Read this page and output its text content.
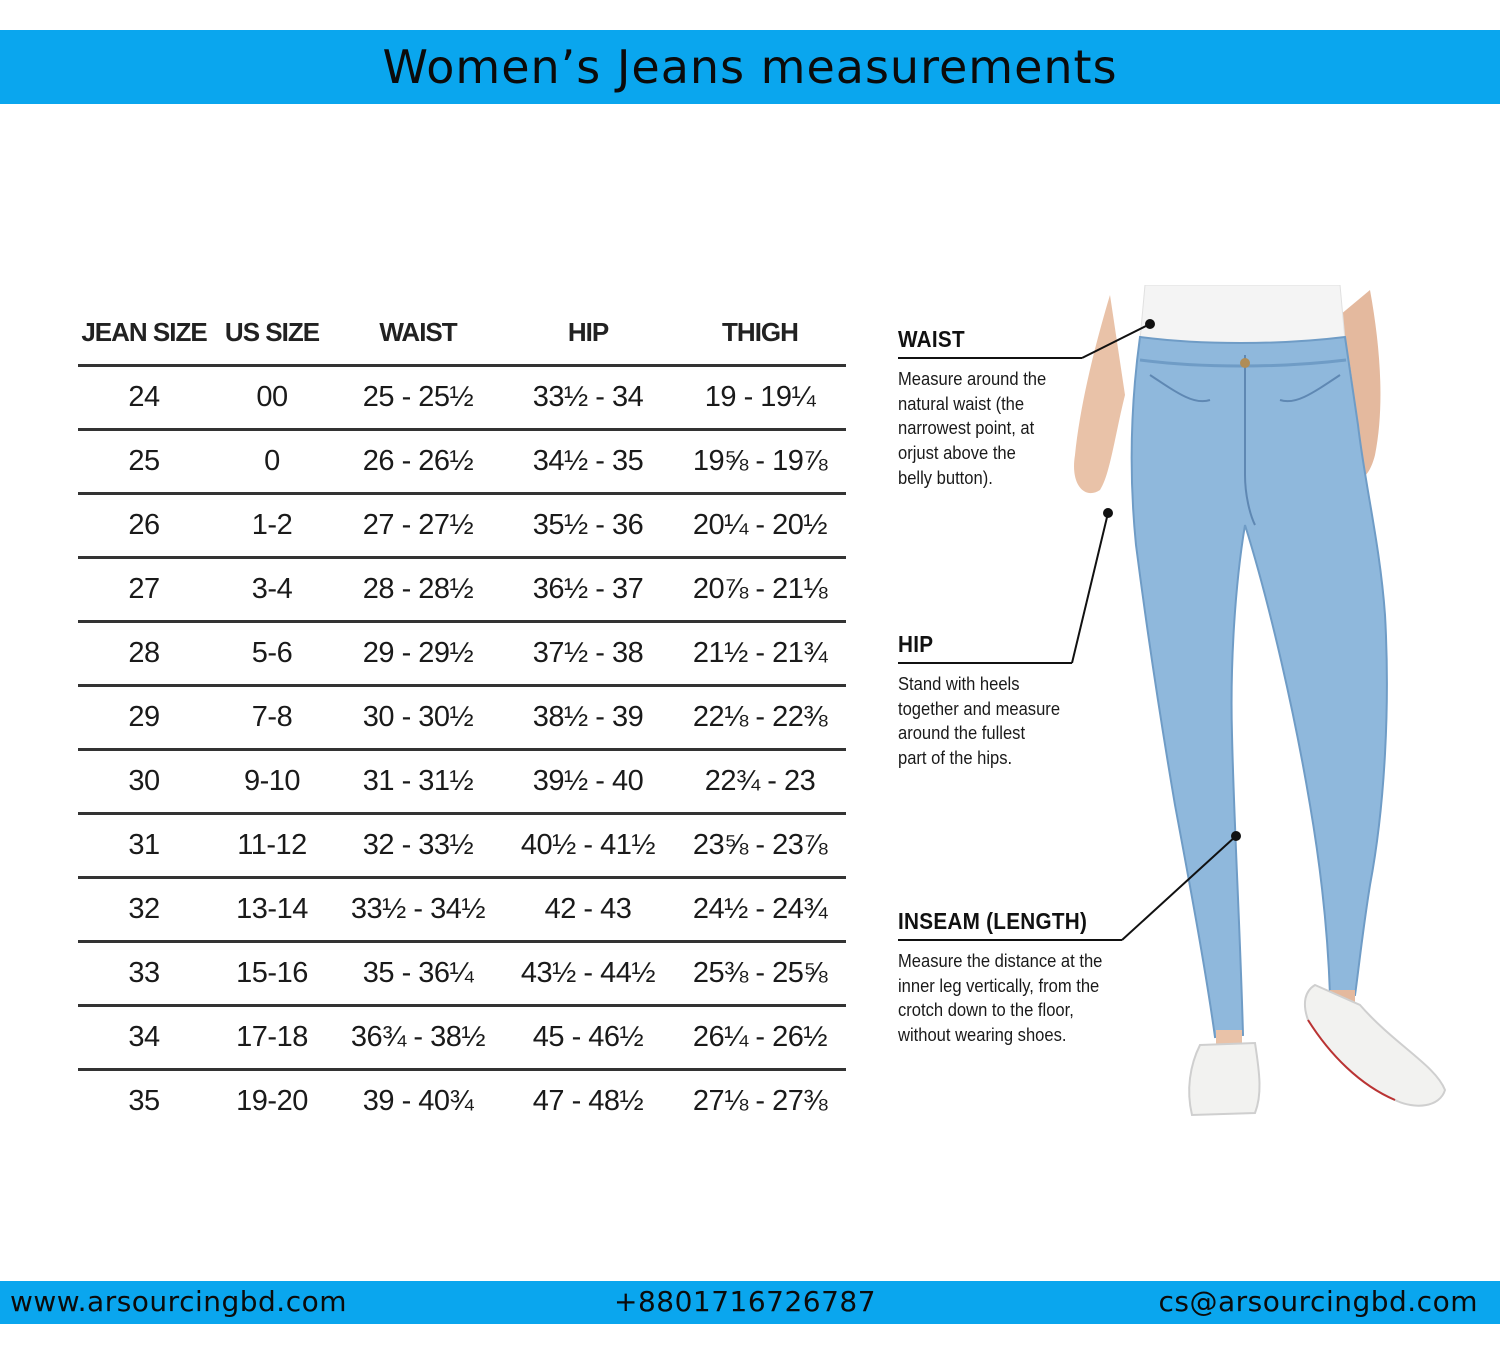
Women’s Jeans measurements
JEAN SIZE	US SIZE	WAIST	HIP	THIGH
24	00	25 - 25½	33½ - 34	19 - 19¼
25	0	26 - 26½	34½ - 35	19⅝ - 19⅞
26	1-2	27 - 27½	35½ - 36	20¼ - 20½
27	3-4	28 - 28½	36½ - 37	20⅞ - 21⅛
28	5-6	29 - 29½	37½ - 38	21½ - 21¾
29	7-8	30 - 30½	38½ - 39	22⅛ - 22⅜
30	9-10	31 - 31½	39½ - 40	22¾ - 23
31	11-12	32 - 33½	40½ - 41½	23⅝ - 23⅞
32	13-14	33½ - 34½	42 - 43	24½ - 24¾
33	15-16	35 - 36¼	43½ - 44½	25⅜ - 25⅝
34	17-18	36¾ - 38½	45 - 46½	26¼ - 26½
35	19-20	39 - 40¾	47 - 48½	27⅛ - 27⅜
WAIST
Measure around the
natural waist (the
narrowest point, at
orjust above the
belly button).
HIP
Stand with heels
together and measure
around the fullest
part of the hips.
INSEAM (LENGTH)
Measure the distance at the
inner leg vertically, from the
crotch down to the floor,
without wearing shoes.
www.arsourcingbd.com	+8801716726787	cs@arsourcingbd.com
